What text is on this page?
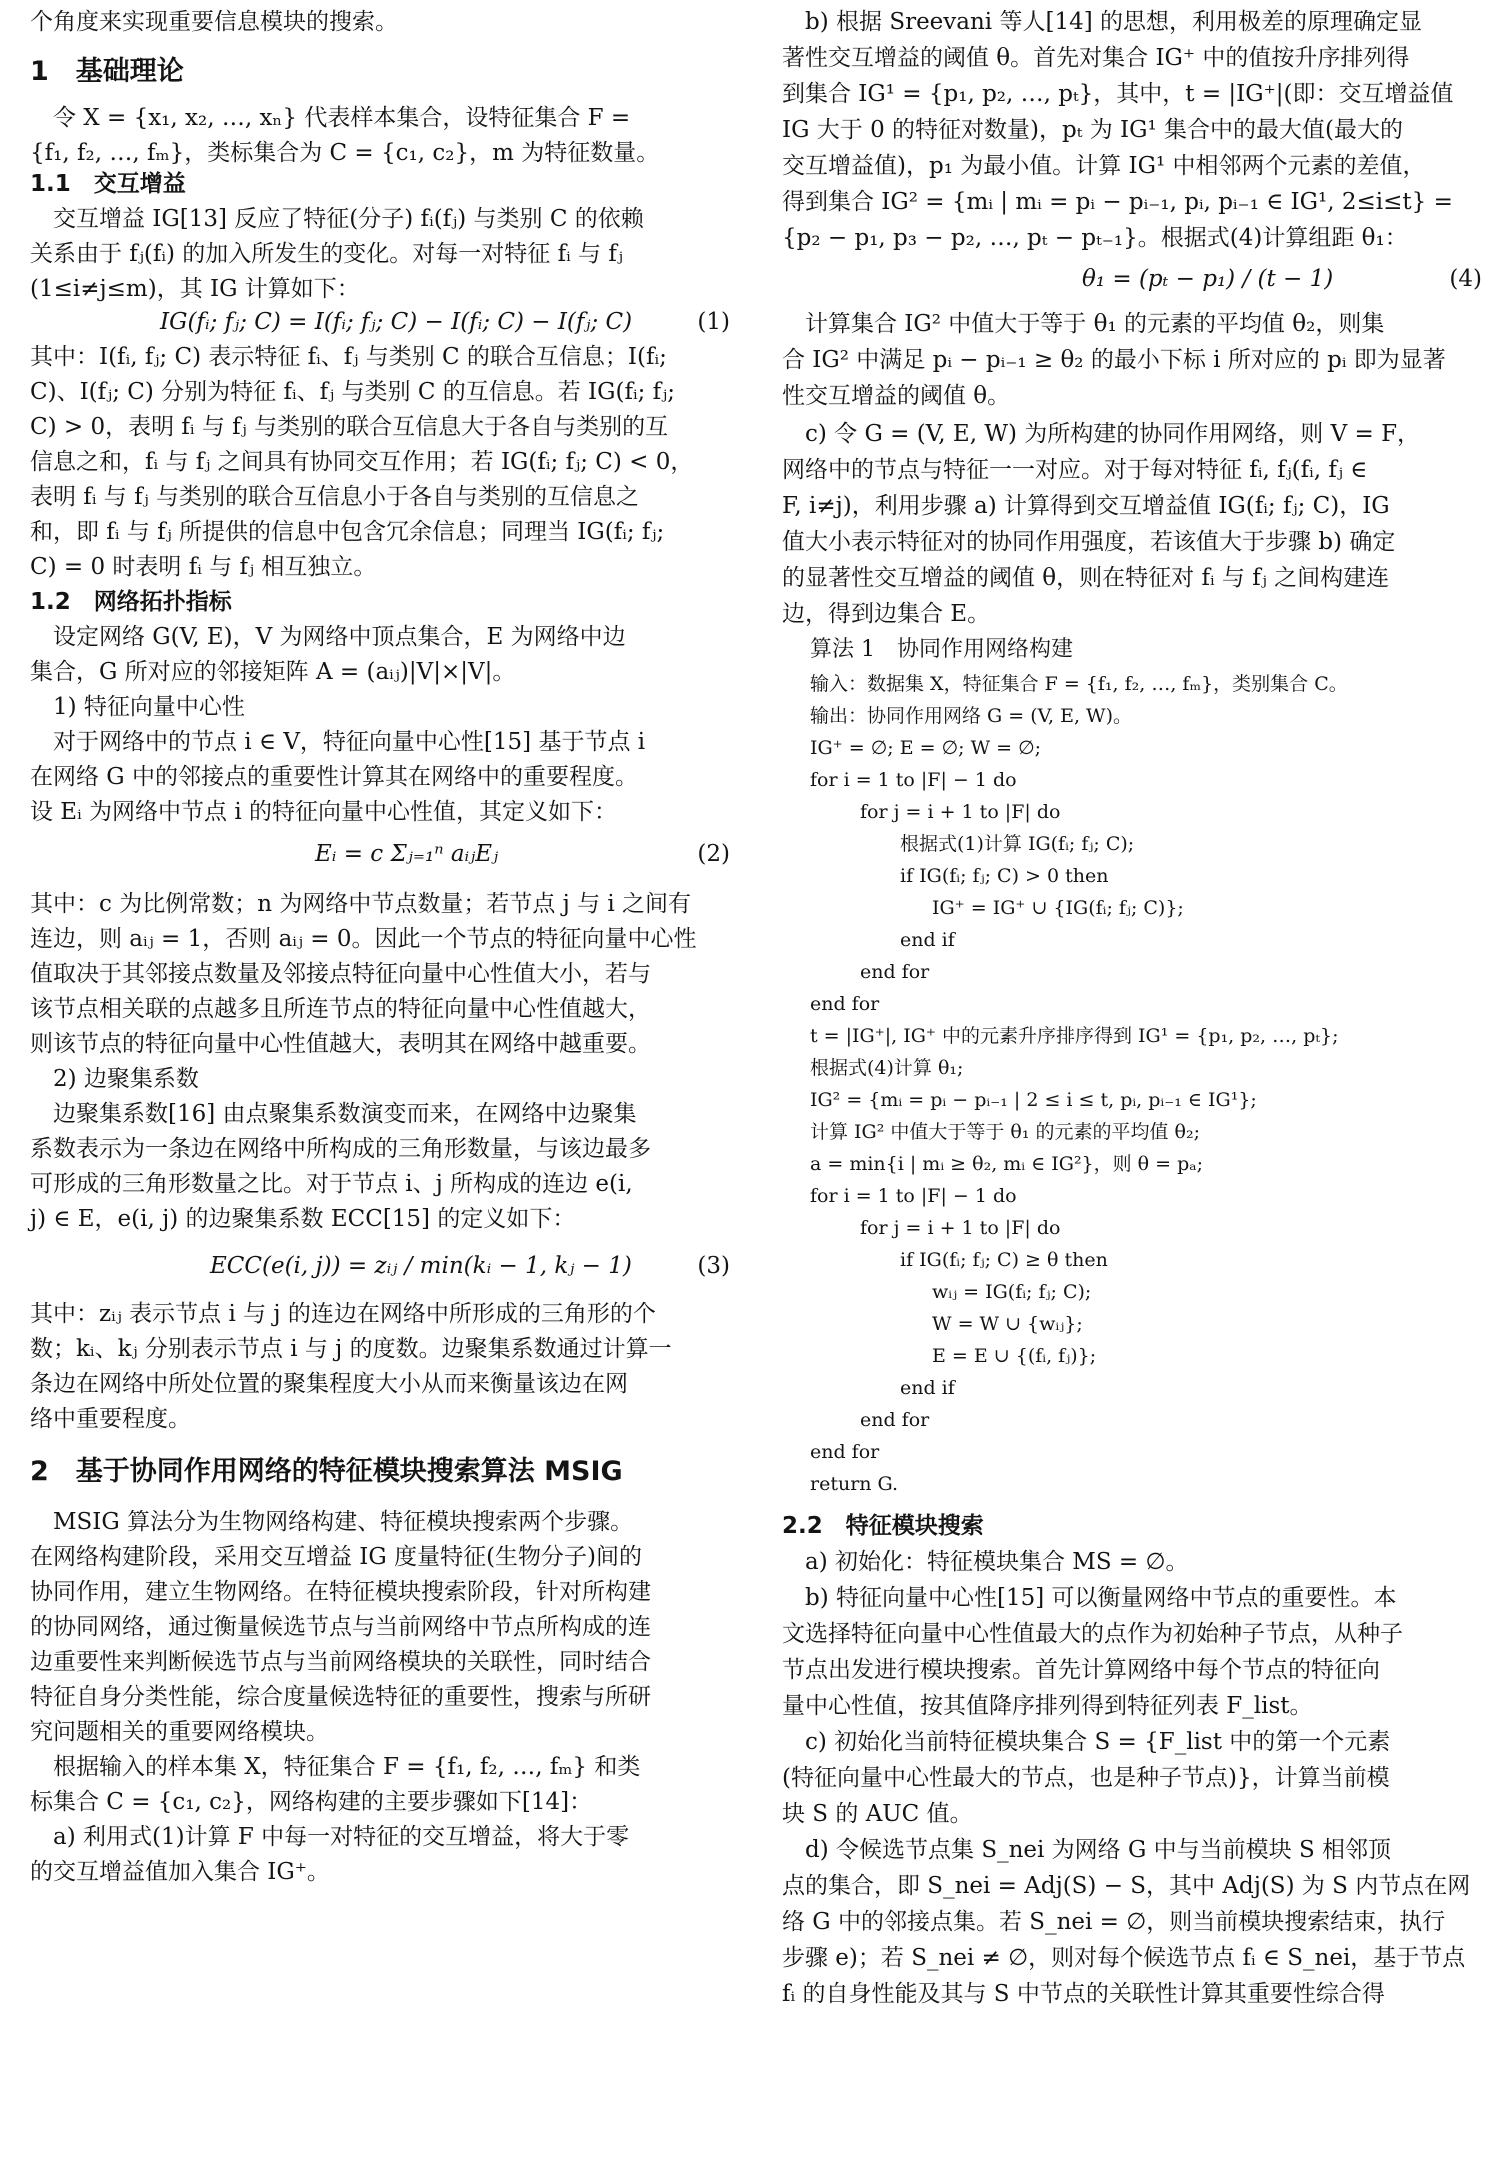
个角度来实现重要信息模块的搜索。

1　基础理论

　令 X = {x₁, x₂, …, xₙ} 代表样本集合，设特征集合 F =

{f₁, f₂, …, fₘ}，类标集合为 C = {c₁, c₂}，m 为特征数量。

1.1　交互增益

　交互增益 IG[13] 反应了特征(分子) fᵢ(fⱼ) 与类别 C 的依赖

关系由于 fⱼ(fᵢ) 的加入所发生的变化。对每一对特征 fᵢ 与 fⱼ

(1≤i≠j≤m)，其 IG 计算如下：

IG(fᵢ; fⱼ; C) = I(fᵢ; fⱼ; C) − I(fᵢ; C) − I(fⱼ; C)	(1)

其中：I(fᵢ, fⱼ; C) 表示特征 fᵢ、fⱼ 与类别 C 的联合互信息；I(fᵢ;

C)、I(fⱼ; C) 分别为特征 fᵢ、fⱼ 与类别 C 的互信息。若 IG(fᵢ; fⱼ;

C) > 0，表明 fᵢ 与 fⱼ 与类别的联合互信息大于各自与类别的互

信息之和，fᵢ 与 fⱼ 之间具有协同交互作用；若 IG(fᵢ; fⱼ; C) < 0，

表明 fᵢ 与 fⱼ 与类别的联合互信息小于各自与类别的互信息之

和，即 fᵢ 与 fⱼ 所提供的信息中包含冗余信息；同理当 IG(fᵢ; fⱼ;

C) = 0 时表明 fᵢ 与 fⱼ 相互独立。

1.2　网络拓扑指标

　设定网络 G(V, E)，V 为网络中顶点集合，E 为网络中边

集合，G 所对应的邻接矩阵 A = (aᵢⱼ)|V|×|V|。

　1) 特征向量中心性

　对于网络中的节点 i ∈ V，特征向量中心性[15] 基于节点 i

在网络 G 中的邻接点的重要性计算其在网络中的重要程度。

设 Eᵢ 为网络中节点 i 的特征向量中心性值，其定义如下：

Eᵢ = c Σⱼ₌₁ⁿ aᵢⱼEⱼ	(2)

其中：c 为比例常数；n 为网络中节点数量；若节点 j 与 i 之间有

连边，则 aᵢⱼ = 1，否则 aᵢⱼ = 0。因此一个节点的特征向量中心性

值取决于其邻接点数量及邻接点特征向量中心性值大小，若与

该节点相关联的点越多且所连节点的特征向量中心性值越大，

则该节点的特征向量中心性值越大，表明其在网络中越重要。

　2) 边聚集系数

　边聚集系数[16] 由点聚集系数演变而来，在网络中边聚集

系数表示为一条边在网络中所构成的三角形数量，与该边最多

可形成的三角形数量之比。对于节点 i、j 所构成的连边 e(i,

j) ∈ E，e(i, j) 的边聚集系数 ECC[15] 的定义如下：

ECC(e(i, j)) = zᵢⱼ / min(kᵢ − 1, kⱼ − 1)	(3)

其中：zᵢⱼ 表示节点 i 与 j 的连边在网络中所形成的三角形的个

数；kᵢ、kⱼ 分别表示节点 i 与 j 的度数。边聚集系数通过计算一

条边在网络中所处位置的聚集程度大小从而来衡量该边在网

络中重要程度。

2　基于协同作用网络的特征模块搜索算法 MSIG

　MSIG 算法分为生物网络构建、特征模块搜索两个步骤。

在网络构建阶段，采用交互增益 IG 度量特征(生物分子)间的

协同作用，建立生物网络。在特征模块搜索阶段，针对所构建

的协同网络，通过衡量候选节点与当前网络中节点所构成的连

边重要性来判断候选节点与当前网络模块的关联性，同时结合

特征自身分类性能，综合度量候选特征的重要性，搜索与所研

究问题相关的重要网络模块。

　根据输入的样本集 X，特征集合 F = {f₁, f₂, …, fₘ} 和类

标集合 C = {c₁, c₂}，网络构建的主要步骤如下[14]：

　a) 利用式(1)计算 F 中每一对特征的交互增益，将大于零

的交互增益值加入集合 IG⁺。

　b) 根据 Sreevani 等人[14] 的思想，利用极差的原理确定显

著性交互增益的阈值 θ。首先对集合 IG⁺ 中的值按升序排列得

到集合 IG¹ = {p₁, p₂, …, pₜ}，其中，t = |IG⁺|(即：交互增益值

IG 大于 0 的特征对数量)，pₜ 为 IG¹ 集合中的最大值(最大的

交互增益值)，p₁ 为最小值。计算 IG¹ 中相邻两个元素的差值，

得到集合 IG² = {mᵢ | mᵢ = pᵢ − pᵢ₋₁, pᵢ, pᵢ₋₁ ∈ IG¹, 2≤i≤t} =

{p₂ − p₁, p₃ − p₂, …, pₜ − pₜ₋₁}。根据式(4)计算组距 θ₁：

θ₁ = (pₜ − p₁) / (t − 1)	(4)

　计算集合 IG² 中值大于等于 θ₁ 的元素的平均值 θ₂，则集

合 IG² 中满足 pᵢ − pᵢ₋₁ ≥ θ₂ 的最小下标 i 所对应的 pᵢ 即为显著

性交互增益的阈值 θ。

　c) 令 G = (V, E, W) 为所构建的协同作用网络，则 V = F，

网络中的节点与特征一一对应。对于每对特征 fᵢ, fⱼ(fᵢ, fⱼ ∈

F, i≠j)，利用步骤 a) 计算得到交互增益值 IG(fᵢ; fⱼ; C)，IG

值大小表示特征对的协同作用强度，若该值大于步骤 b) 确定

的显著性交互增益的阈值 θ，则在特征对 fᵢ 与 fⱼ 之间构建连

边，得到边集合 E。

算法 1　协同作用网络构建

输入：数据集 X，特征集合 F = {f₁, f₂, …, fₘ}，类别集合 C。

输出：协同作用网络 G = (V, E, W)。

IG⁺ = ∅; E = ∅; W = ∅;

for i = 1 to |F| − 1 do

for j = i + 1 to |F| do

根据式(1)计算 IG(fᵢ; fⱼ; C);

if IG(fᵢ; fⱼ; C) > 0 then

IG⁺ = IG⁺ ∪ {IG(fᵢ; fⱼ; C)};

end if

end for

end for

t = |IG⁺|, IG⁺ 中的元素升序排序得到 IG¹ = {p₁, p₂, …, pₜ};

根据式(4)计算 θ₁;

IG² = {mᵢ = pᵢ − pᵢ₋₁ | 2 ≤ i ≤ t, pᵢ, pᵢ₋₁ ∈ IG¹};

计算 IG² 中值大于等于 θ₁ 的元素的平均值 θ₂;

a = min{i | mᵢ ≥ θ₂, mᵢ ∈ IG²}，则 θ = pₐ;

for i = 1 to |F| − 1 do

for j = i + 1 to |F| do

if IG(fᵢ; fⱼ; C) ≥ θ then

wᵢⱼ = IG(fᵢ; fⱼ; C);

W = W ∪ {wᵢⱼ};

E = E ∪ {(fᵢ, fⱼ)};

end if

end for

end for

return G.

2.2　特征模块搜索

　a) 初始化：特征模块集合 MS = ∅。

　b) 特征向量中心性[15] 可以衡量网络中节点的重要性。本

文选择特征向量中心性值最大的点作为初始种子节点，从种子

节点出发进行模块搜索。首先计算网络中每个节点的特征向

量中心性值，按其值降序排列得到特征列表 F_list。

　c) 初始化当前特征模块集合 S = {F_list 中的第一个元素

(特征向量中心性最大的节点，也是种子节点)}，计算当前模

块 S 的 AUC 值。

　d) 令候选节点集 S_nei 为网络 G 中与当前模块 S 相邻顶

点的集合，即 S_nei = Adj(S) − S，其中 Adj(S) 为 S 内节点在网

络 G 中的邻接点集。若 S_nei = ∅，则当前模块搜索结束，执行

步骤 e)；若 S_nei ≠ ∅，则对每个候选节点 fᵢ ∈ S_nei，基于节点

fᵢ 的自身性能及其与 S 中节点的关联性计算其重要性综合得
